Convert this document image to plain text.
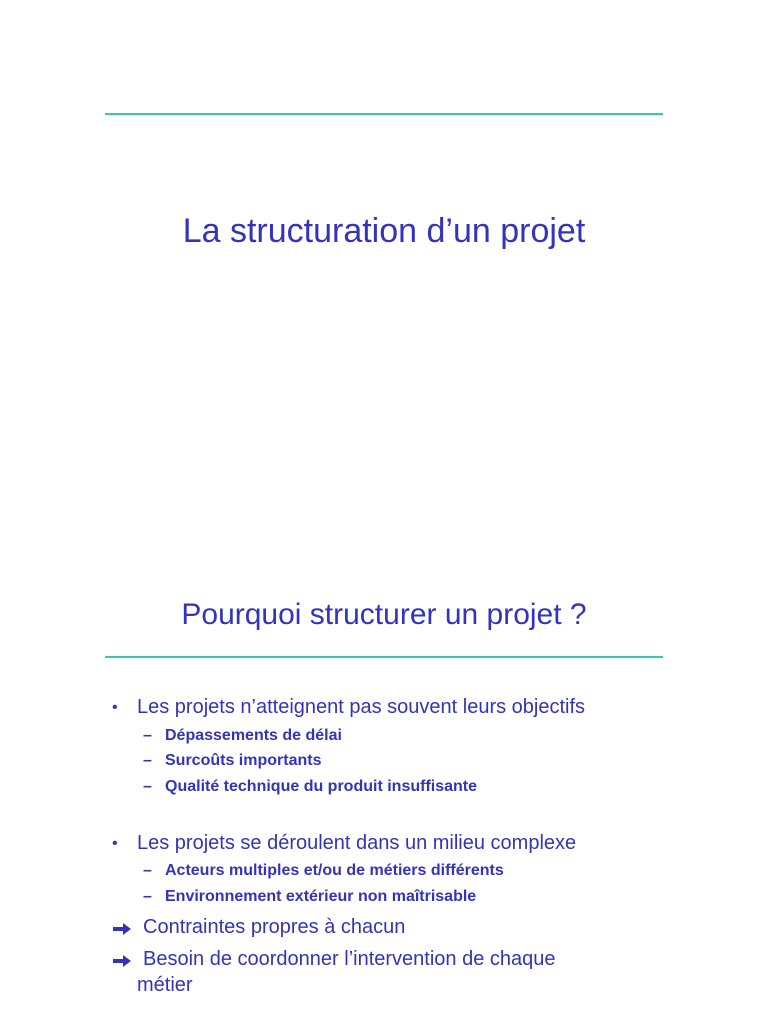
La structuration d’un projet
Pourquoi structurer un projet ?
• Les projets n’atteignent pas souvent leurs objectifs
– Dépassements de délai
– Surcoûts importants
– Qualité technique du produit insuffisante
• Les projets se déroulent dans un milieu complexe
– Acteurs multiples et/ou de métiers différents
– Environnement extérieur non maîtrisable
Contraintes propres à chacun
Besoin de coordonner l’intervention de chaque
métier
